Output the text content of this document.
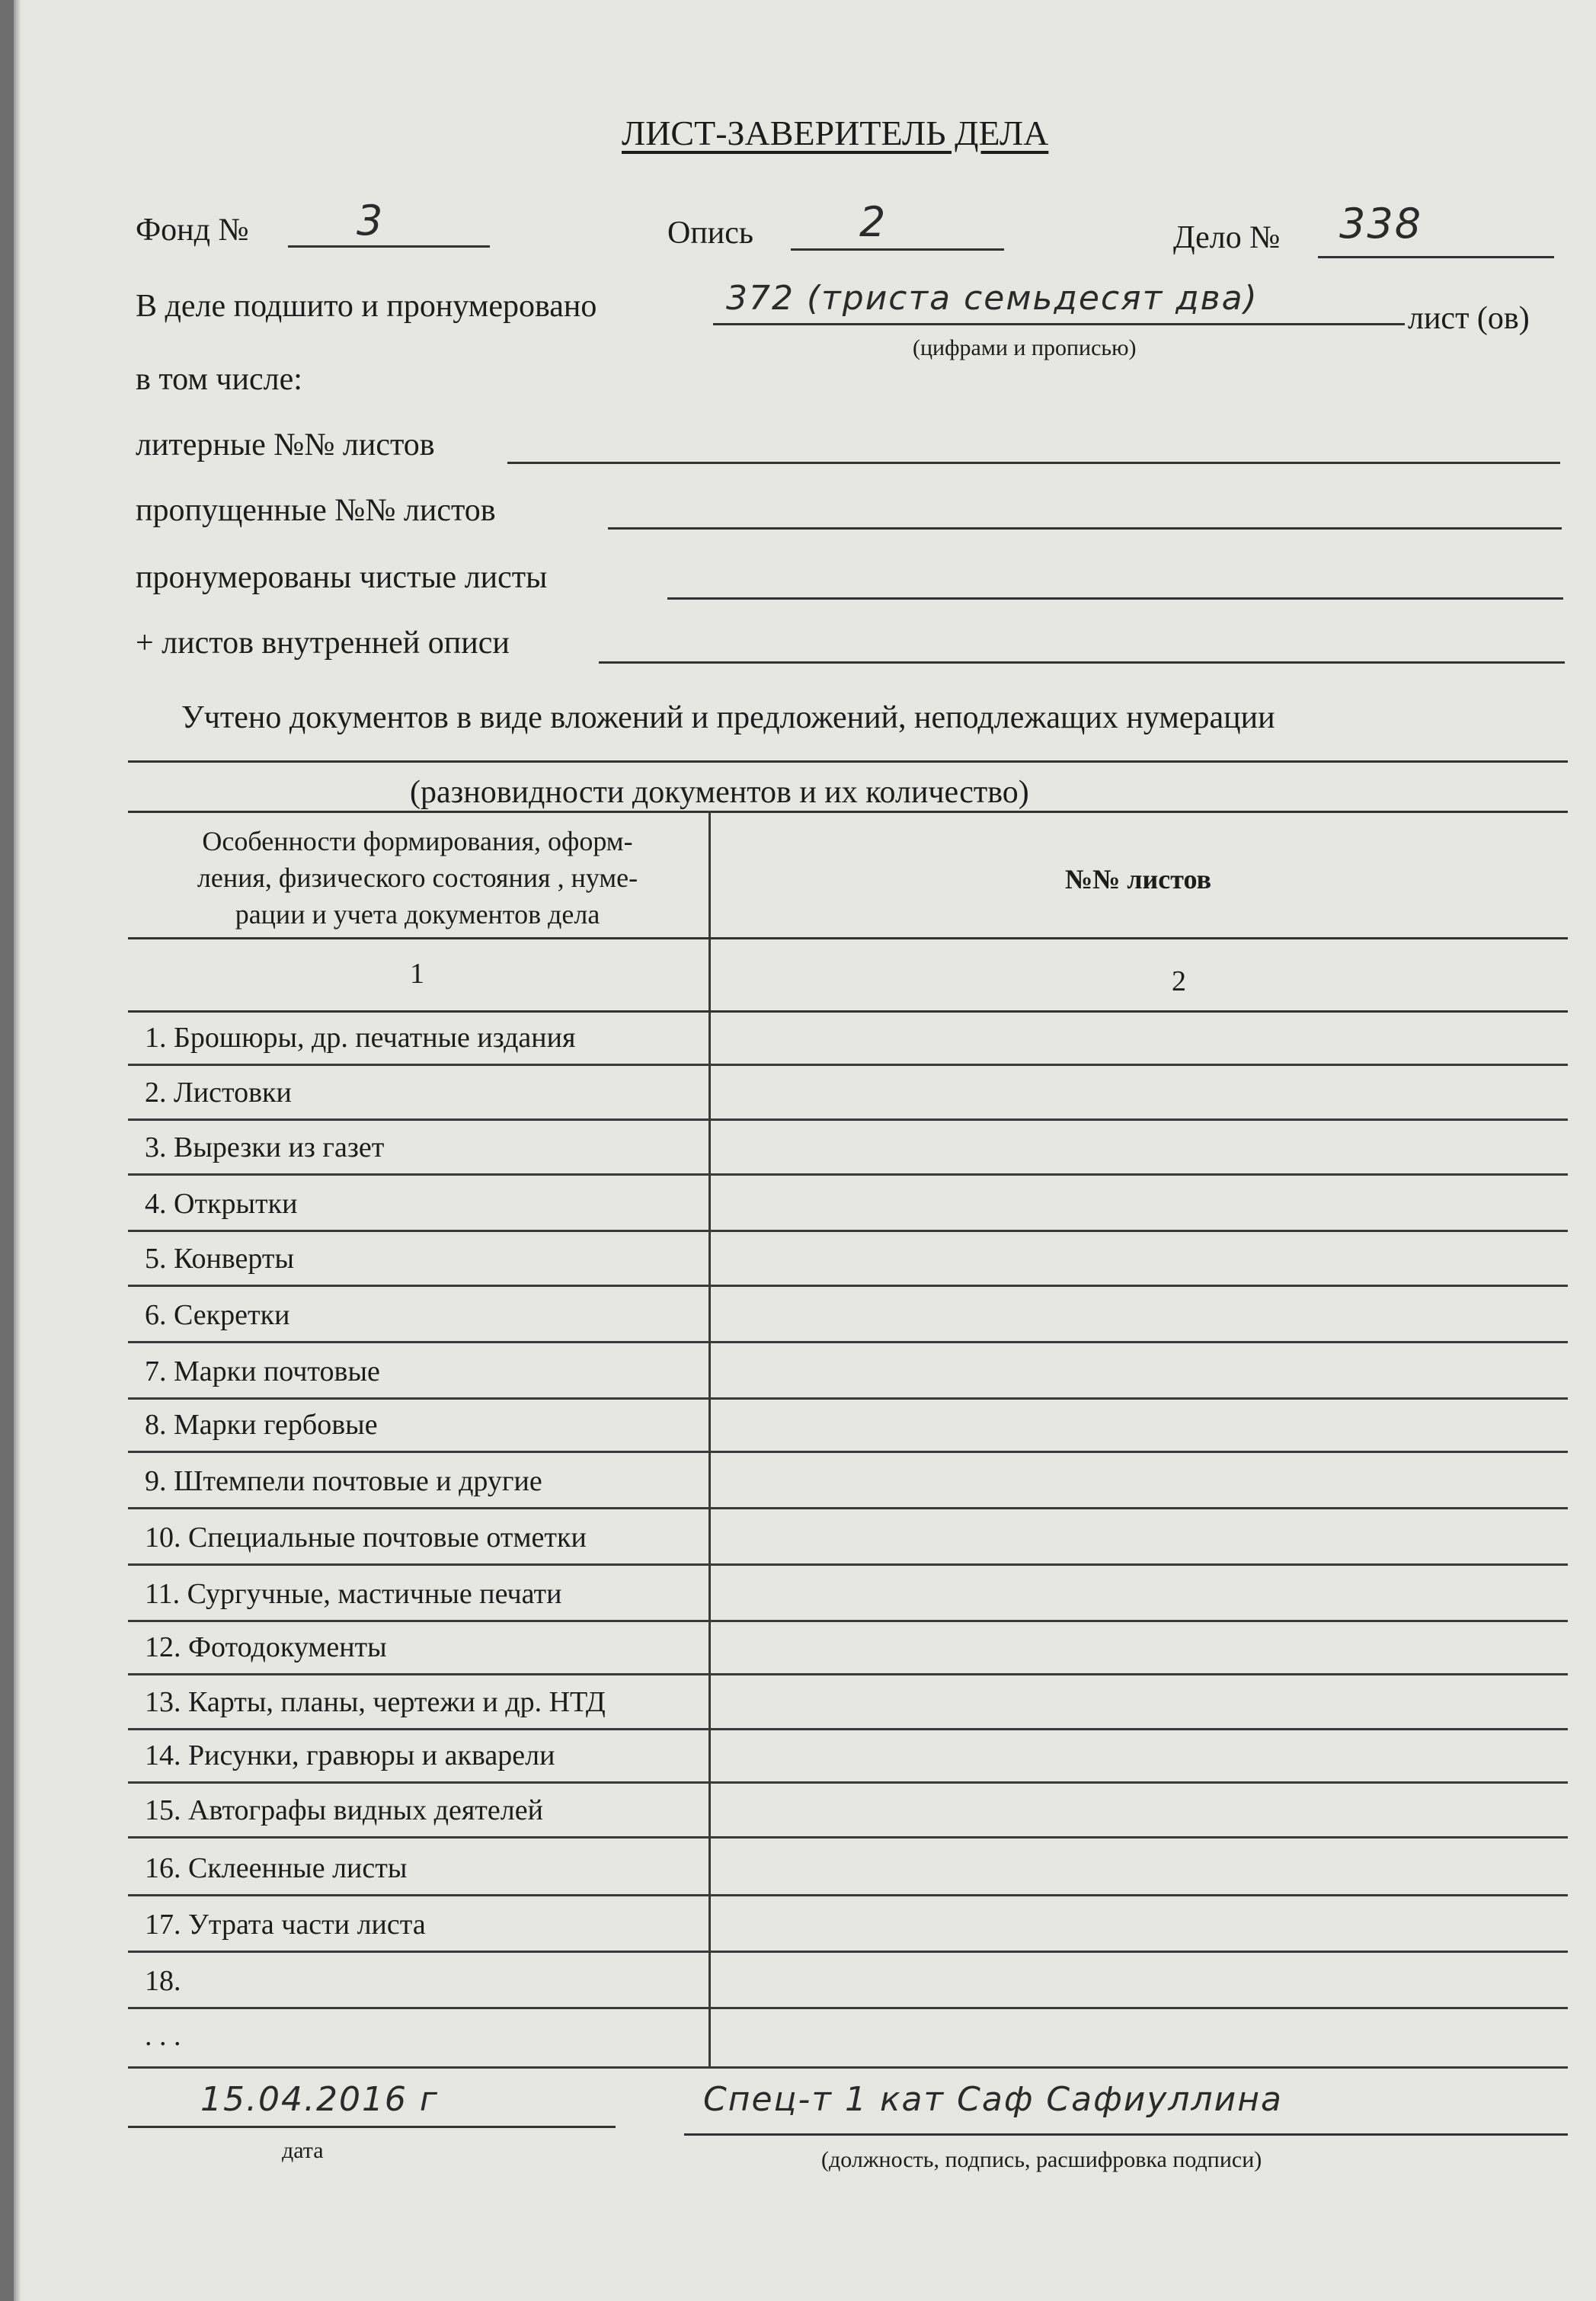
ЛИСТ-ЗАВЕРИТЕЛЬ ДЕЛА
Фонд №	3	Опись	2	Дело № 338
В деле подшито и пронумеровано	372 (триста семьдесят два)
лист (ов)
(цифрами и прописью)
в том числе:
литерные №№ листов
пропущенные №№ листов
пронумерованы чистые листы
+ листов внутренней описи
Учтено документов в виде вложений и предложений, неподлежащих нумерации
(разновидности документов и их количество)
Особенности формирования, оформ-
ления, физического состояния , нуме-
рации и учета документов дела
№№ листов
1	2
1. Брошюры, др. печатные издания
2. Листовки
3. Вырезки из газет
4. Открытки
5. Конверты
6. Секретки
7. Марки почтовые
8. Марки гербовые
9. Штемпели почтовые и другие
10. Специальные почтовые отметки
11. Сургучные, мастичные печати
12. Фотодокументы
13. Карты, планы, чертежи и др. НТД
14. Рисунки, гравюры и акварели
15. Автографы видных деятелей
16. Склеенные листы
17. Утрата части листа
18.
. . .
15.04.2016 г
дата
Спец-т 1 кат Саф Сафиуллина
(должность, подпись, расшифровка подписи)
